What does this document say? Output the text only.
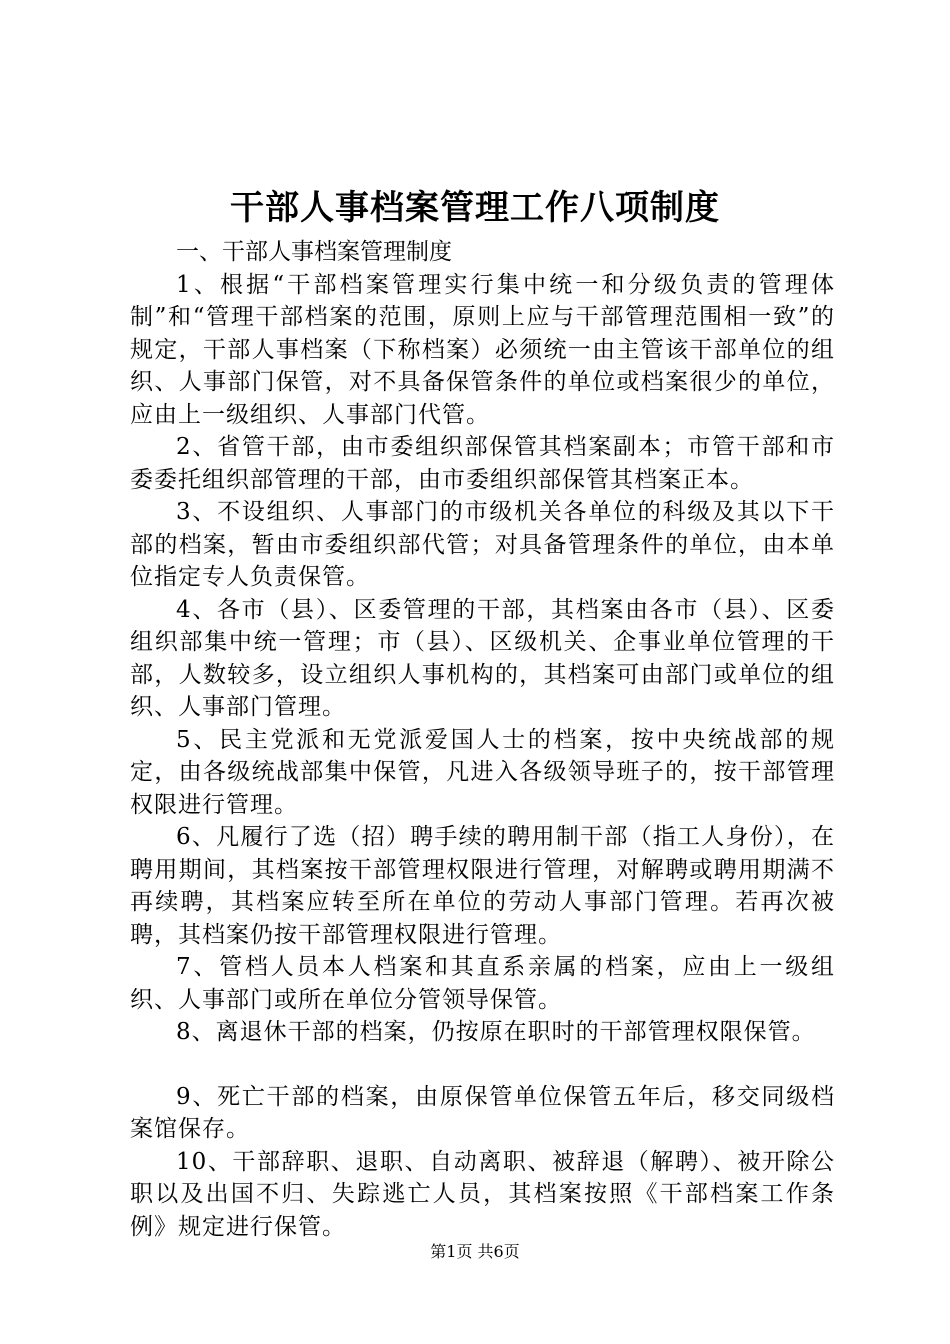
干部人事档案管理工作八项制度

一、干部人事档案管理制度

1、根据“干部档案管理实行集中统一和分级负责的管理体制”和“管理干部档案的范围，原则上应与干部管理范围相一致”的规定，干部人事档案（下称档案）必须统一由主管该干部单位的组织、人事部门保管，对不具备保管条件的单位或档案很少的单位，应由上一级组织、人事部门代管。

2、省管干部，由市委组织部保管其档案副本；市管干部和市委委托组织部管理的干部，由市委组织部保管其档案正本。

3、不设组织、人事部门的市级机关各单位的科级及其以下干部的档案，暂由市委组织部代管；对具备管理条件的单位，由本单位指定专人负责保管。

4、各市（县）、区委管理的干部，其档案由各市（县）、区委组织部集中统一管理；市（县）、区级机关、企事业单位管理的干部，人数较多，设立组织人事机构的，其档案可由部门或单位的组织、人事部门管理。

5、民主党派和无党派爱国人士的档案，按中央统战部的规定，由各级统战部集中保管，凡进入各级领导班子的，按干部管理权限进行管理。

6、凡履行了选（招）聘手续的聘用制干部（指工人身份），在聘用期间，其档案按干部管理权限进行管理，对解聘或聘用期满不再续聘，其档案应转至所在单位的劳动人事部门管理。若再次被聘，其档案仍按干部管理权限进行管理。

7、管档人员本人档案和其直系亲属的档案，应由上一级组织、人事部门或所在单位分管领导保管。

8、离退休干部的档案，仍按原在职时的干部管理权限保管。

9、死亡干部的档案，由原保管单位保管五年后，移交同级档案馆保存。

10、干部辞职、退职、自动离职、被辞退（解聘）、被开除公职以及出国不归、失踪逃亡人员，其档案按照《干部档案工作条例》规定进行保管。

第1页 共6页
